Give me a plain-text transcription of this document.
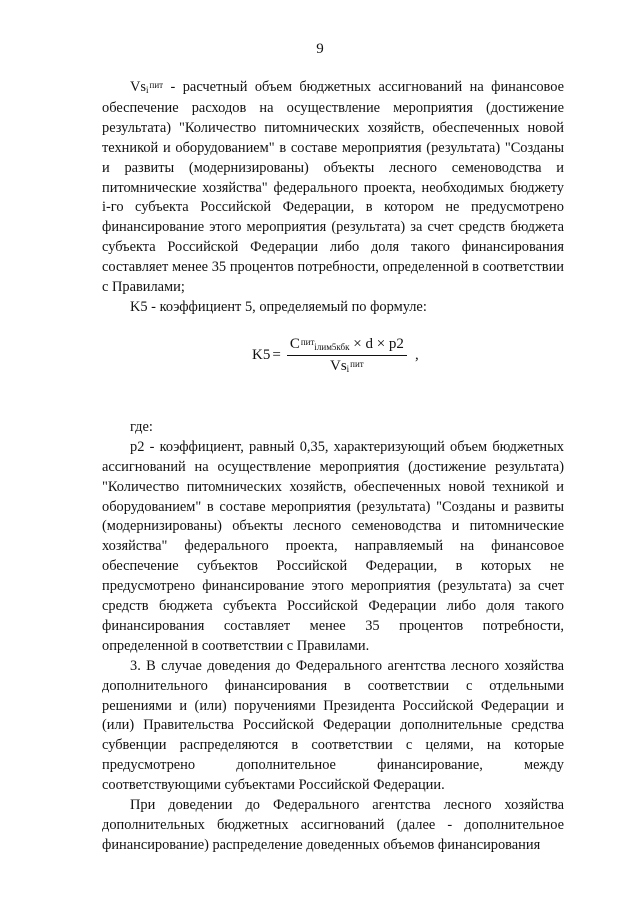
9

$Vs_i^{пит}$ - расчетный объем бюджетных ассигнований на финансовое обеспечение расходов на осуществление мероприятия (достижение результата) "Количество питомнических хозяйств, обеспеченных новой техникой и оборудованием" в составе мероприятия (результата) "Созданы и развиты (модернизированы) объекты лесного семеноводства и питомнические хозяйства" федерального проекта, необходимых бюджету i-го субъекта Российской Федерации, в котором не предусмотрено финансирование этого мероприятия (результата) за счет средств бюджета субъекта Российской Федерации либо доля такого финансирования составляет менее 35 процентов потребности, определенной в соответствии с Правилами;

K5 - коэффициент 5, определяемый по формуле:

$K5 = \frac{C^{пит}_{iлим5кбк} \times d \times p2}{Vs_i^{пит}}$ ,

где:

p2 - коэффициент, равный 0,35, характеризующий объем бюджетных ассигнований на осуществление мероприятия (достижение результата) "Количество питомнических хозяйств, обеспеченных новой техникой и оборудованием" в составе мероприятия (результата) "Созданы и развиты (модернизированы) объекты лесного семеноводства и питомнические хозяйства" федерального проекта, направляемый на финансовое обеспечение субъектов Российской Федерации, в которых не предусмотрено финансирование этого мероприятия (результата) за счет средств бюджета субъекта Российской Федерации либо доля такого финансирования составляет менее 35 процентов потребности, определенной в соответствии с Правилами.

3. В случае доведения до Федерального агентства лесного хозяйства дополнительного финансирования в соответствии с отдельными решениями и (или) поручениями Президента Российской Федерации и (или) Правительства Российской Федерации дополнительные средства субвенции распределяются в соответствии с целями, на которые предусмотрено дополнительное финансирование, между соответствующими субъектами Российской Федерации.

При доведении до Федерального агентства лесного хозяйства дополнительных бюджетных ассигнований (далее - дополнительное финансирование) распределение доведенных объемов финансирования
